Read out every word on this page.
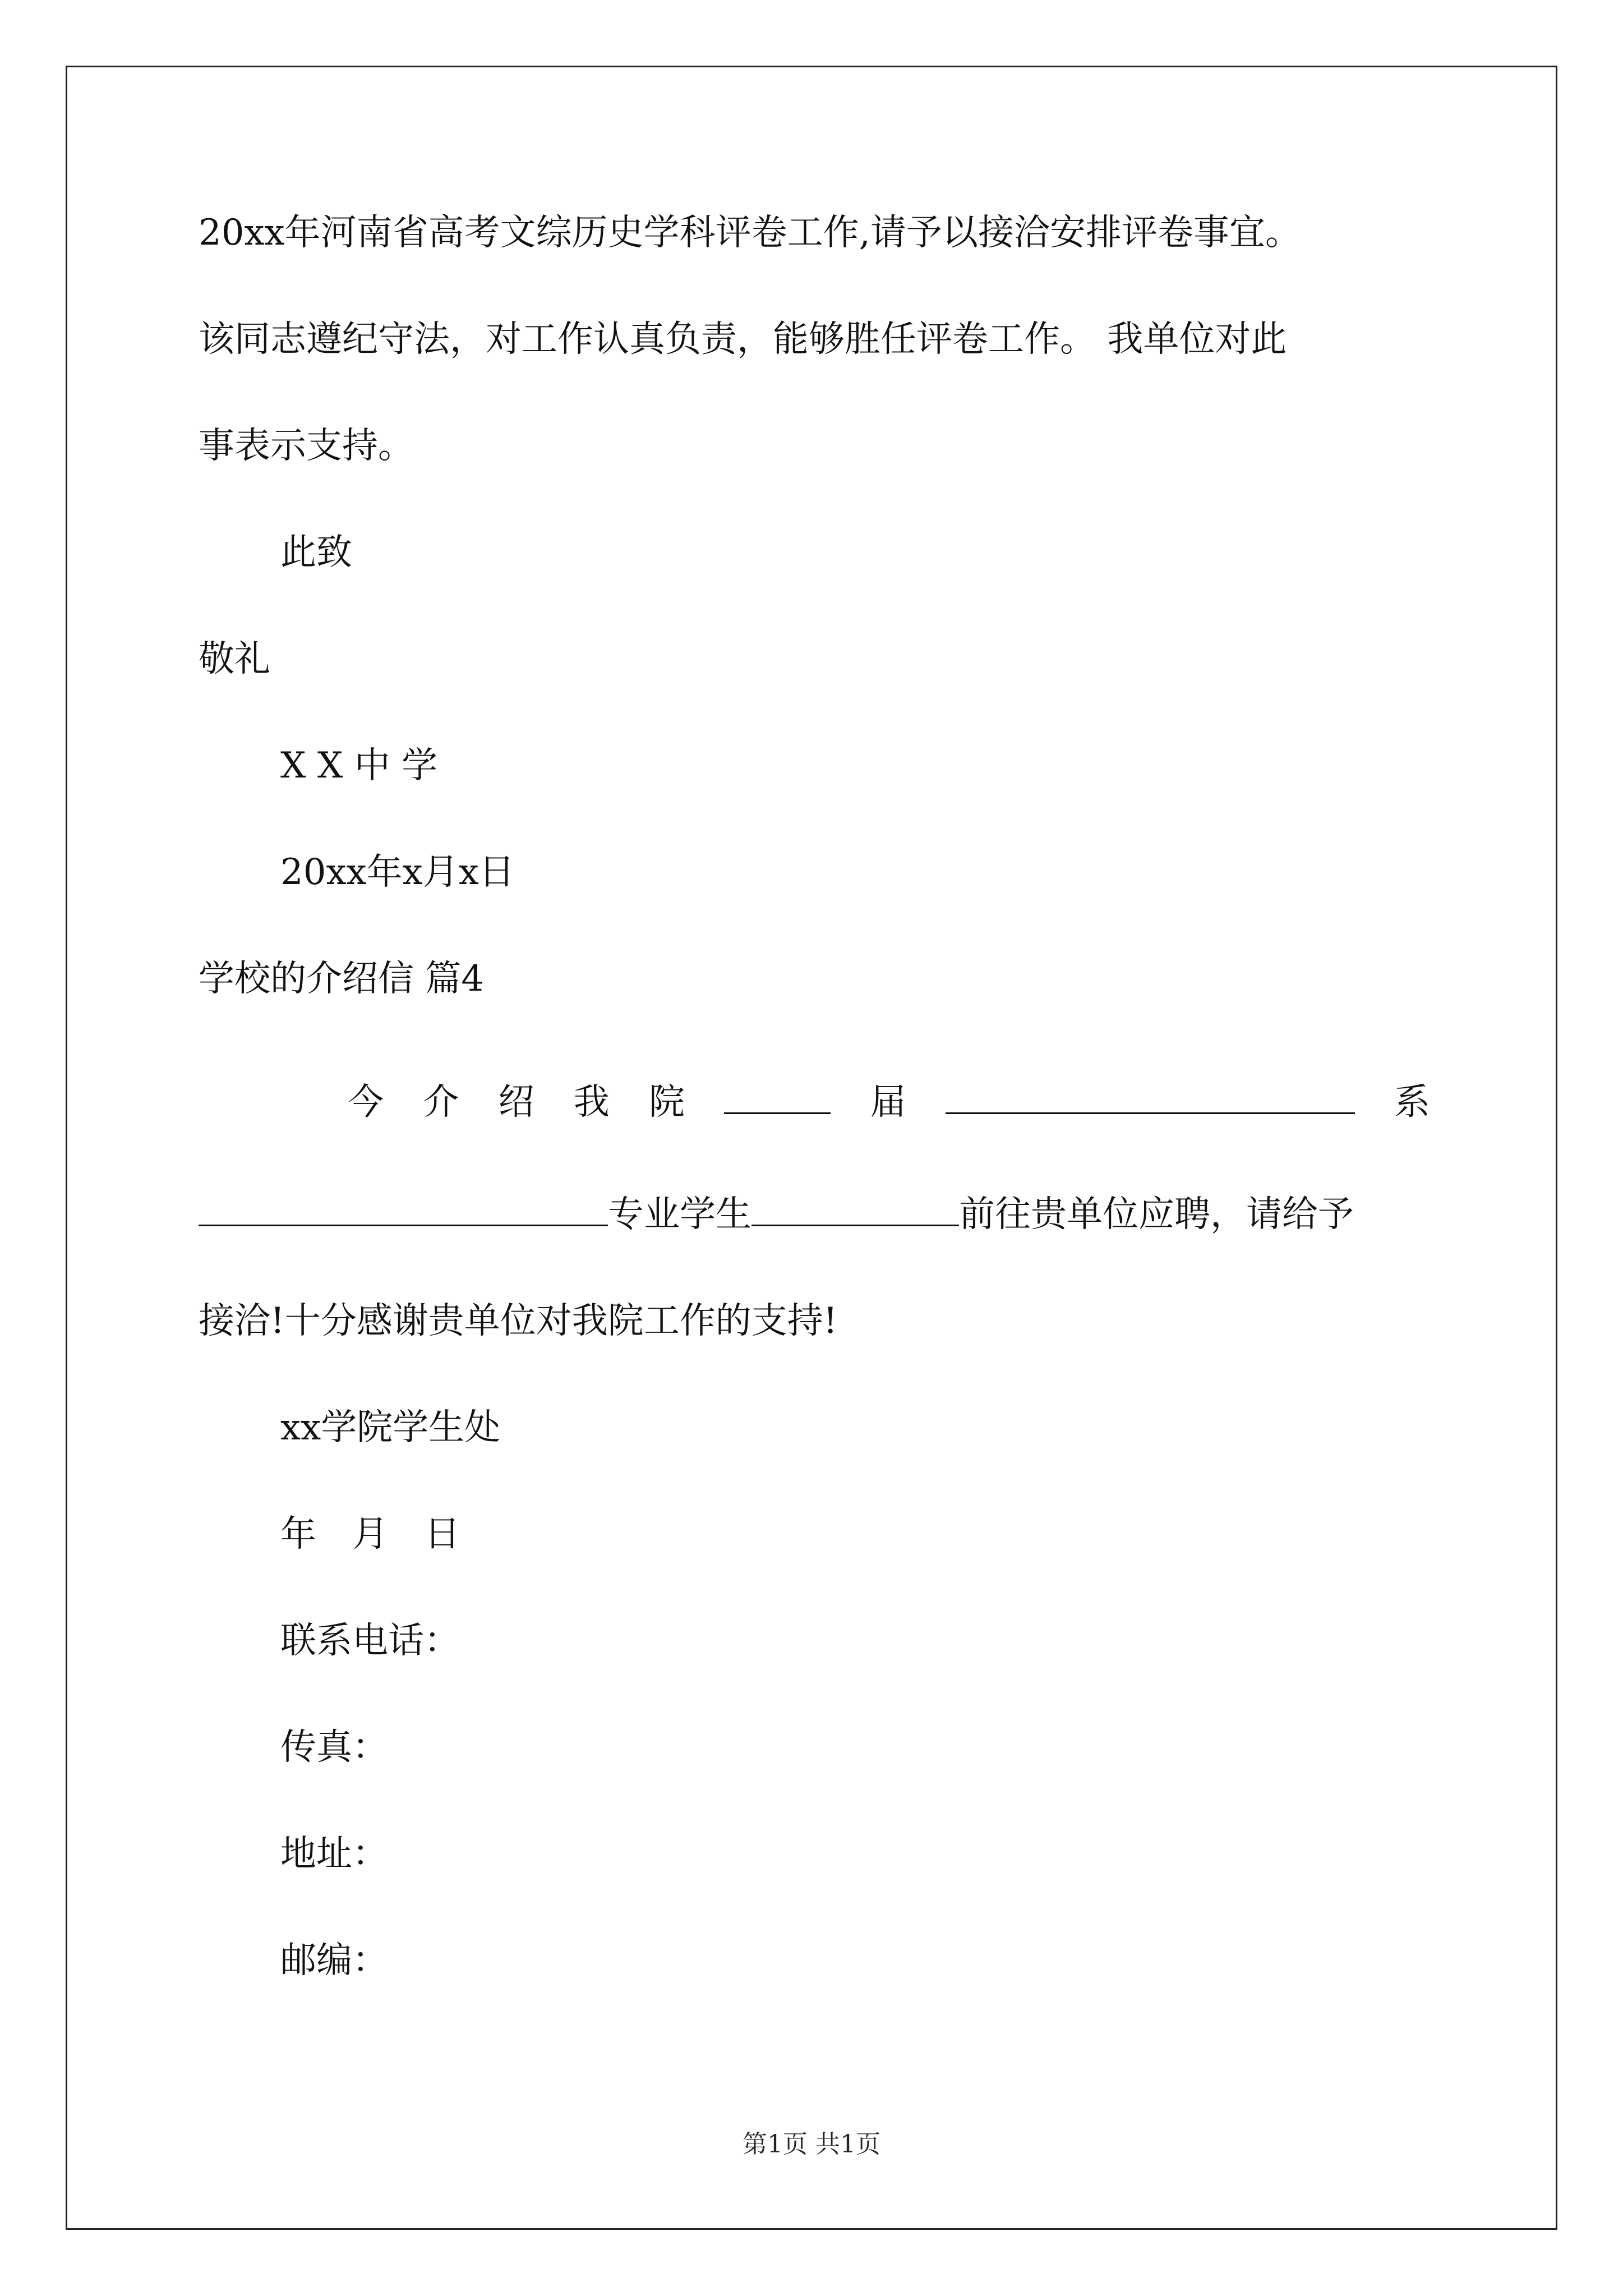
20xx年河南省高考文综历史学科评卷工作,请予以接洽安排评卷事宜。

该同志遵纪守法，对工作认真负责，能够胜任评卷工作。 我单位对此

事表示支持。

此致

敬礼

X X 中 学

20xx年x月x日

学校的介绍信 篇4

今 介 绍 我 院	届	系
专业学生	前往贵单位应聘，请给予

接洽!十分感谢贵单位对我院工作的支持!

xx学院学生处

年 月 日

联系电话：

传真：

地址：

邮编：

第1页 共1页
